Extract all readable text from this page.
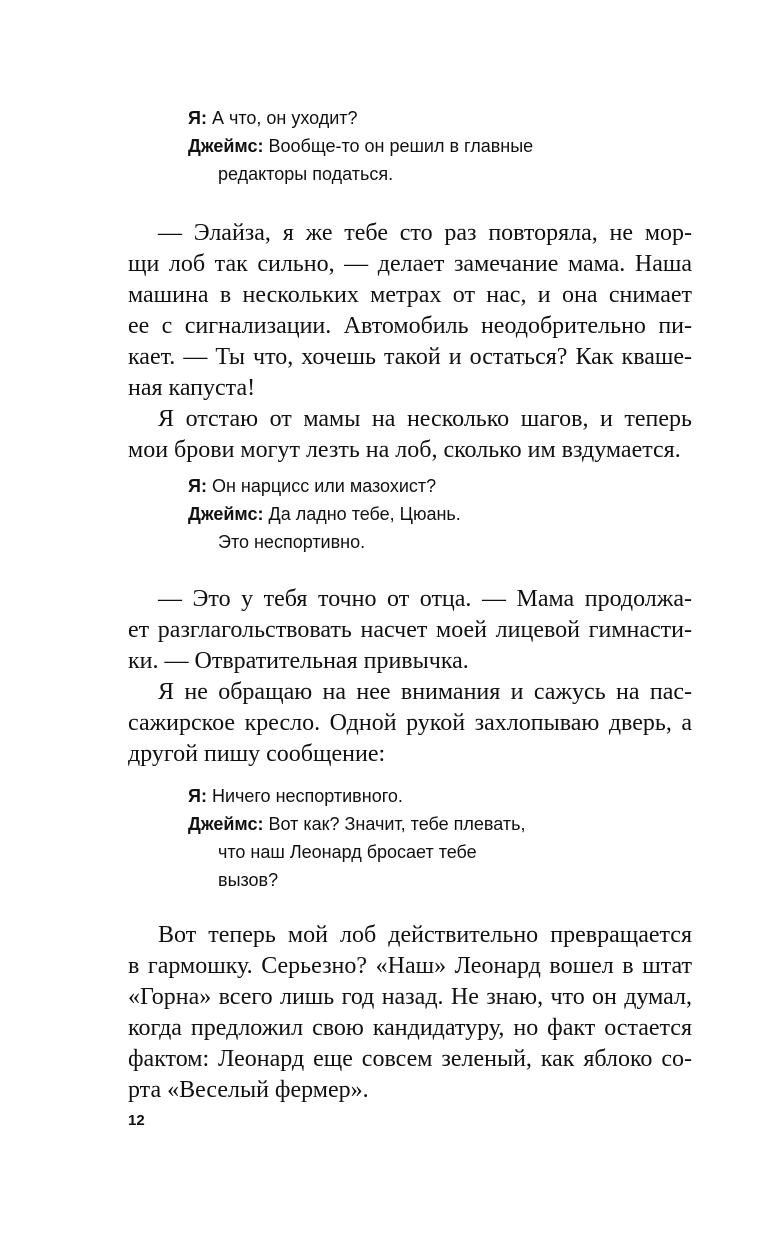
Я: А что, он уходит?
Джеймс: Вообще-то он решил в главные
редакторы податься.

— Элайза, я же тебе сто раз повторяла, не мор-
щи лоб так сильно, — делает замечание мама. Наша
машина в нескольких метрах от нас, и она снимает
ее с сигнализации. Автомобиль неодобрительно пи-
кает. — Ты что, хочешь такой и остаться? Как кваше-
ная капуста!

Я отстаю от мамы на несколько шагов, и теперь
мои брови могут лезть на лоб, сколько им вздумается.

Я: Он нарцисс или мазохист?
Джеймс: Да ладно тебе, Цюань.
Это неспортивно.

— Это у тебя точно от отца. — Мама продолжа-
ет разглагольствовать насчет моей лицевой гимнасти-
ки. — Отвратительная привычка.

Я не обращаю на нее внимания и сажусь на пас-
сажирское кресло. Одной рукой захлопываю дверь, а
другой пишу сообщение:

Я: Ничего неспортивного.
Джеймс: Вот как? Значит, тебе плевать,
что наш Леонард бросает тебе
вызов?

Вот теперь мой лоб действительно превращается
в гармошку. Серьезно? «Наш» Леонард вошел в штат
«Горна» всего лишь год назад. Не знаю, что он думал,
когда предложил свою кандидатуру, но факт остается
фактом: Леонард еще совсем зеленый, как яблоко со-
рта «Веселый фермер».

12
